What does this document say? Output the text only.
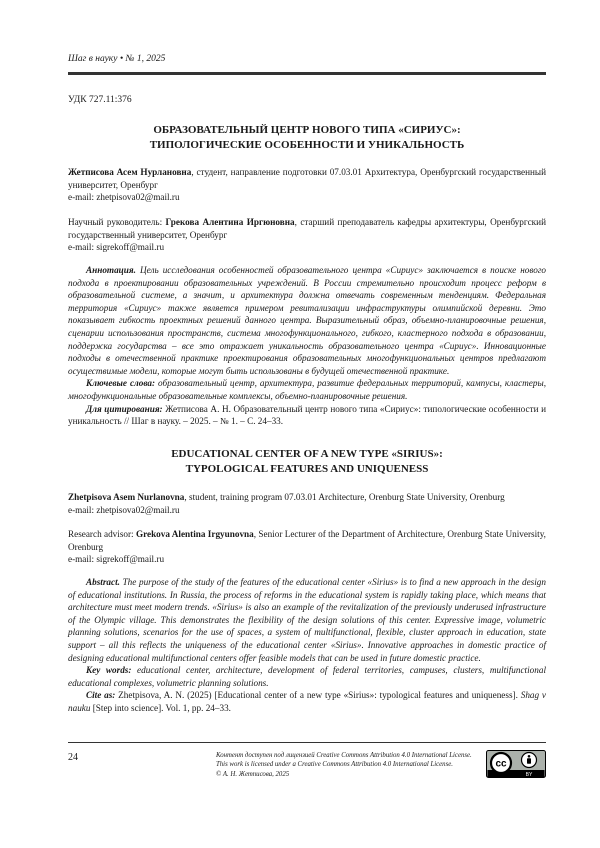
Шаг в науку • № 1, 2025
УДК 727.11:376
ОБРАЗОВАТЕЛЬНЫЙ ЦЕНТР НОВОГО ТИПА «СИРИУС»:
ТИПОЛОГИЧЕСКИЕ ОСОБЕННОСТИ И УНИКАЛЬНОСТЬ

Жетписова Асем Нурлановна, студент, направление подготовки 07.03.01 Архитектура, Оренбургский государственный университет, Оренбург

e-mail: zhetpisova02@mail.ru

Научный руководитель: Грекова Алентина Иргюновна, старший преподаватель кафедры архитектуры, Оренбургский государственный университет, Оренбург

e-mail: sigrekoff@mail.ru

Аннотация. Цель исследования особенностей образовательного центра «Сириус» заключается в поиске нового подхода в проектировании образовательных учреждений. В России стремительно происходит процесс реформ в образовательной системе, а значит, и архитектура должна отвечать современным тенденциям. Федеральная территория «Сириус» также является примером ревитализации инфраструктуры олимпийской деревни. Это показывает гибкость проектных решений данного центра. Выразительный образ, объемно-планировочные решения, сценарии использования пространств, система многофункционального, гибкого, кластерного подхода в образовании, поддержка государства – все это отражает уникальность образовательного центра «Сириус». Инновационные подходы в отечественной практике проектирования образовательных многофункциональных центров предлагают осуществимые модели, которые могут быть использованы в будущей отечественной практике.

Ключевые слова: образовательный центр, архитектура, развитие федеральных территорий, кампусы, кластеры, многофункциональные образовательные комплексы, объемно-планировочные решения.

Для цитирования: Жетписова А. Н. Образовательный центр нового типа «Сириус»: типологические особенности и уникальность // Шаг в науку. – 2025. – № 1. – С. 24–33.

EDUCATIONAL CENTER OF A NEW TYPE «SIRIUS»:
TYPOLOGICAL FEATURES AND UNIQUENESS

Zhetpisova Asem Nurlanovna, student, training program 07.03.01 Architecture, Orenburg State University, Orenburg

e-mail: zhetpisova02@mail.ru

Research advisor: Grekova Alentina Irgyunovna, Senior Lecturer of the Department of Architecture, Orenburg State University, Orenburg

e-mail: sigrekoff@mail.ru

Abstract. The purpose of the study of the features of the educational center «Sirius» is to find a new approach in the design of educational institutions. In Russia, the process of reforms in the educational system is rapidly taking place, which means that architecture must meet modern trends. «Sirius» is also an example of the revitalization of the previously underused infrastructure of the Olympic village. This demonstrates the flexibility of the design solutions of this center. Expressive image, volumetric planning solutions, scenarios for the use of spaces, a system of multifunctional, flexible, cluster approach in education, state support – all this reflects the uniqueness of the educational center «Sirius». Innovative approaches in domestic practice of designing educational multifunctional centers offer feasible models that can be used in future domestic practice.

Key words: educational center, architecture, development of federal territories, campuses, clusters, multifunctional educational complexes, volumetric planning solutions.

Cite as: Zhetpisova, A. N. (2025) [Educational center of a new type «Sirius»: typological features and uniqueness]. Shag v nauku [Step into science]. Vol. 1, pp. 24–33.

24	Контент доступен под лицензией Creative Commons Attribution 4.0 International License.
This work is licensed under a Creative Commons Attribution 4.0 International License.
© А. Н. Жетписова, 2025
cc
BY
